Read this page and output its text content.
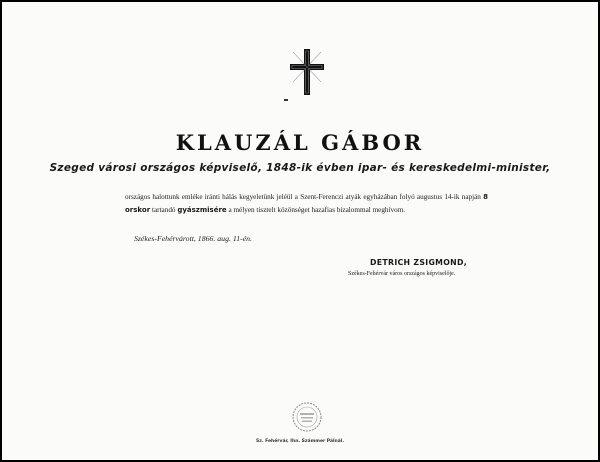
KLAUZÁL GÁBOR
Szeged városi országos képviselő, 1848-ik évben ipar- és kereskedelmi-minister,
országos halottunk emléke iránti hálás kegyeletünk jeléül a Szent-Ferenczi atyák egyházában folyó augustus 14-ik napján 8 orskor tartandó gyászmisére a mélyen tisztelt közönséget hazafias bizalommal meghívom.
Székes-Fehérvárott, 1866. aug. 11-én.
DETRICH ZSIGMOND,
Székes-Fehérvár város országos képviselője.
Sz. Fehérvár, Ihn. Számmer Pálnál.
